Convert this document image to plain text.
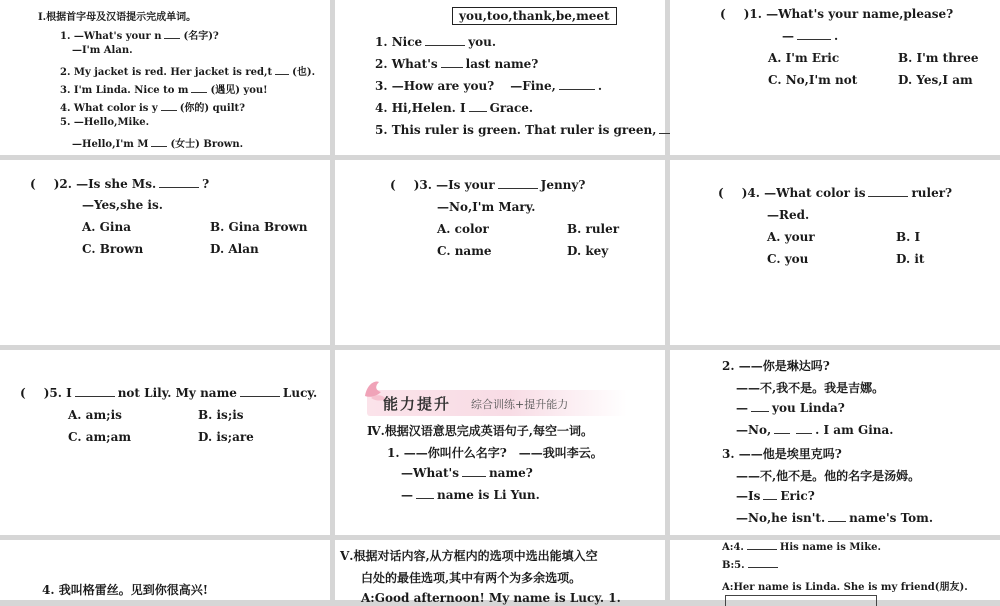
Ⅰ.根据首字母及汉语提示完成单词。
1. —What's your n (名字)?
—I'm Alan.
2. My jacket is red. Her jacket is red,t (也).
3. I'm Linda. Nice to m (遇见) you!
4. What color is y (你的) quilt?
5. —Hello,Mike.
—Hello,I'm M (女士) Brown.
you,too,thank,be,meet
1. Nice	you.
2. What's last name?
3. —How are you? —Fine,	.
4. Hi,Helen. I Grace.
5. This ruler is green. That ruler is green,
( )1. —What's your name,please?
—	.
A. I'm Eric	B. I'm three
C. No,I'm not	D. Yes,I am
( )2. —Is she Ms.	?
—Yes,she is.
A. Gina	B. Gina Brown
C. Brown	D. Alan
( )3. —Is your	Jenny?
—No,I'm Mary.
A. color	B. ruler
C. name	D. key
( )4. —What color is	ruler?
—Red.
A. your	B. I
C. you	D. it
( )5. I	not Lily. My name	Lucy.
A. am;is	B. is;is
C. am;am	D. is;are
能力提升 综合训练+提升能力
Ⅳ.根据汉语意思完成英语句子,每空一词。
1. ——你叫什么名字?　——我叫李云。
—What's	name?
— name is Li Yun.
2. ——你是琳达吗?
——不,我不是。我是吉娜。
— you Linda?
—No,	. I am Gina.
3. ——他是埃里克吗?
——不,他不是。他的名字是汤姆。
—Is Eric?
—No,he isn't. name's Tom.
4. 我叫格雷丝。见到你很高兴!
Ⅴ.根据对话内容,从方框内的选项中选出能填入空
白处的最佳选项,其中有两个为多余选项。
A:Good afternoon! My name is Lucy. 1.
A:4.	His name is Mike.
B:5.
A:Her name is Linda. She is my friend(朋友).
